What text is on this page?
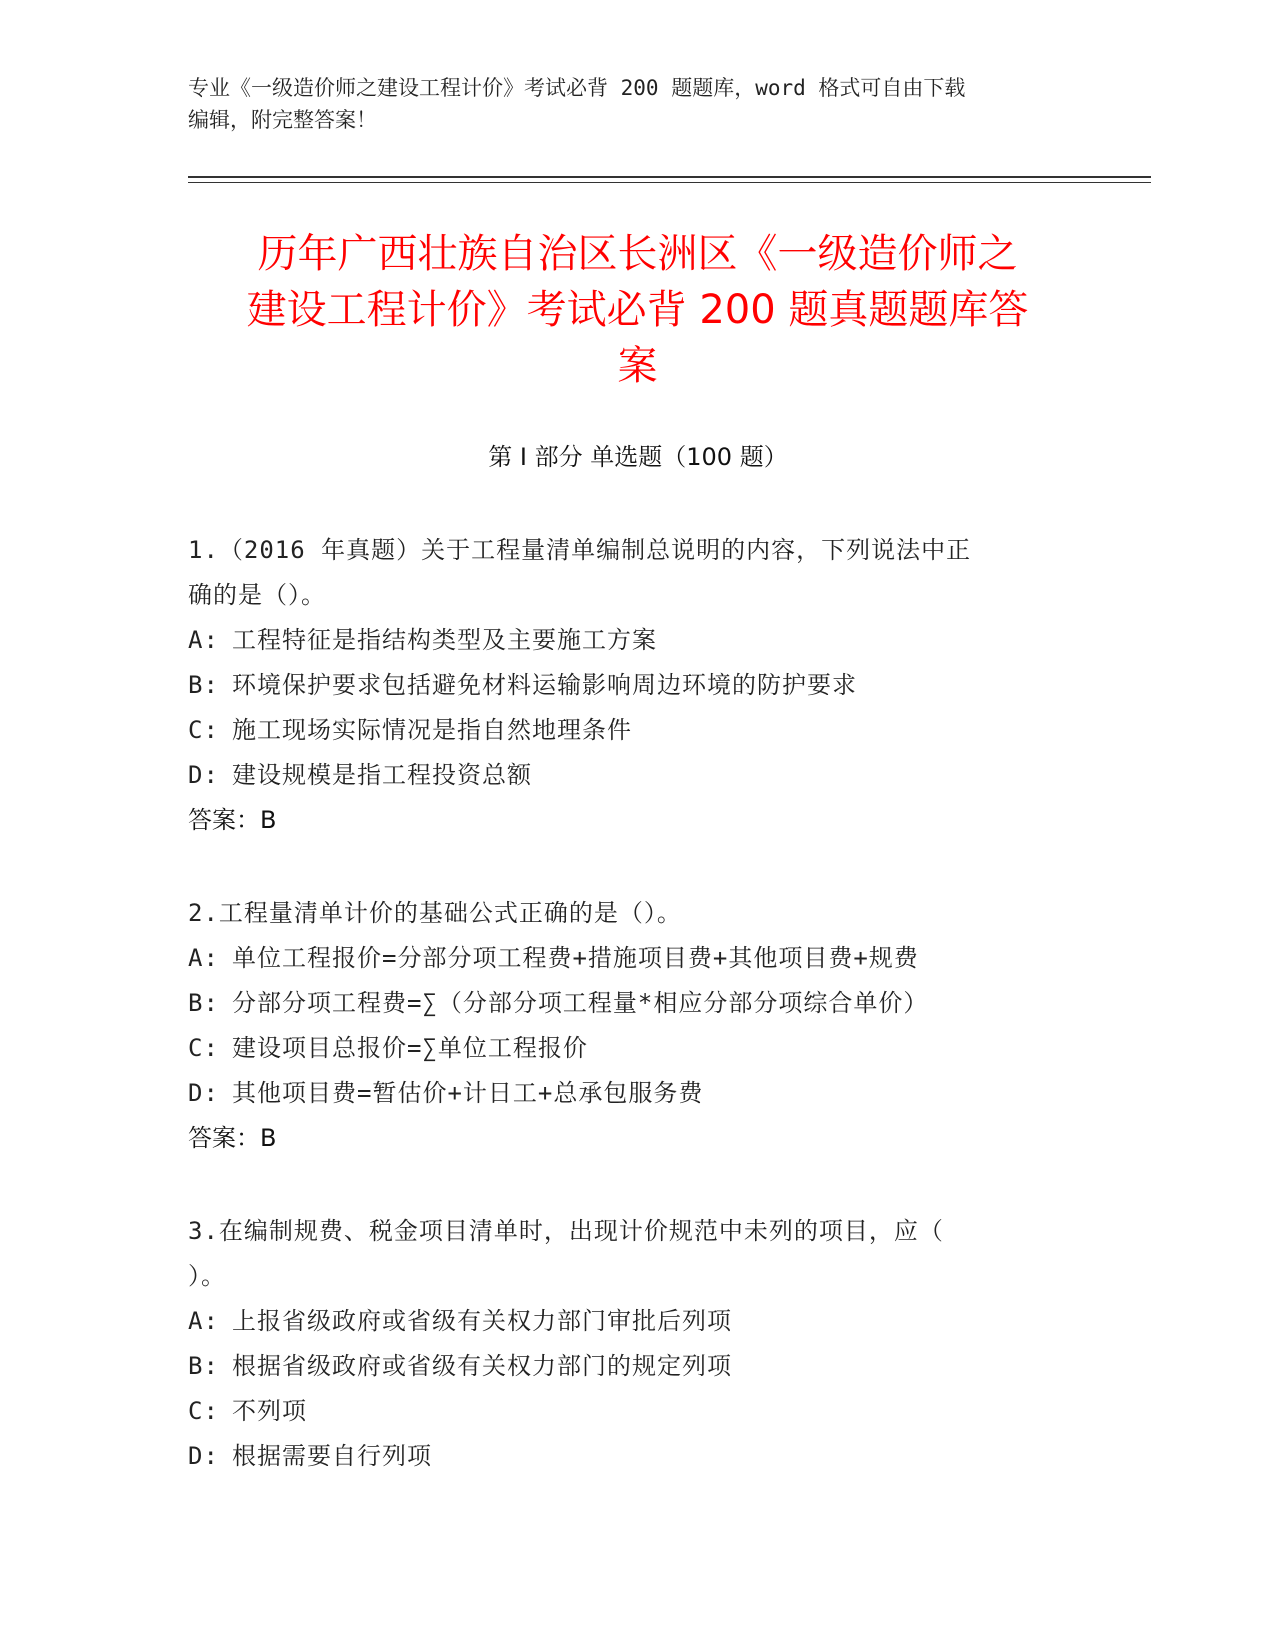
专业《一级造价师之建设工程计价》考试必背 200 题题库，word 格式可自由下载
编辑，附完整答案！
历年广西壮族自治区长洲区《一级造价师之
建设工程计价》考试必背 200 题真题题库答
案
第 I 部分 单选题（100 题）
1.（2016 年真题）关于工程量清单编制总说明的内容，下列说法中正
确的是（）。
A: 工程特征是指结构类型及主要施工方案
B: 环境保护要求包括避免材料运输影响周边环境的防护要求
C: 施工现场实际情况是指自然地理条件
D: 建设规模是指工程投资总额
答案：B
2.工程量清单计价的基础公式正确的是（）。
A: 单位工程报价=分部分项工程费+措施项目费+其他项目费+规费
B: 分部分项工程费=∑（分部分项工程量*相应分部分项综合单价）
C: 建设项目总报价=∑单位工程报价
D: 其他项目费=暂估价+计日工+总承包服务费
答案：B
3.在编制规费、税金项目清单时，出现计价规范中未列的项目，应（
）。
A: 上报省级政府或省级有关权力部门审批后列项
B: 根据省级政府或省级有关权力部门的规定列项
C: 不列项
D: 根据需要自行列项
